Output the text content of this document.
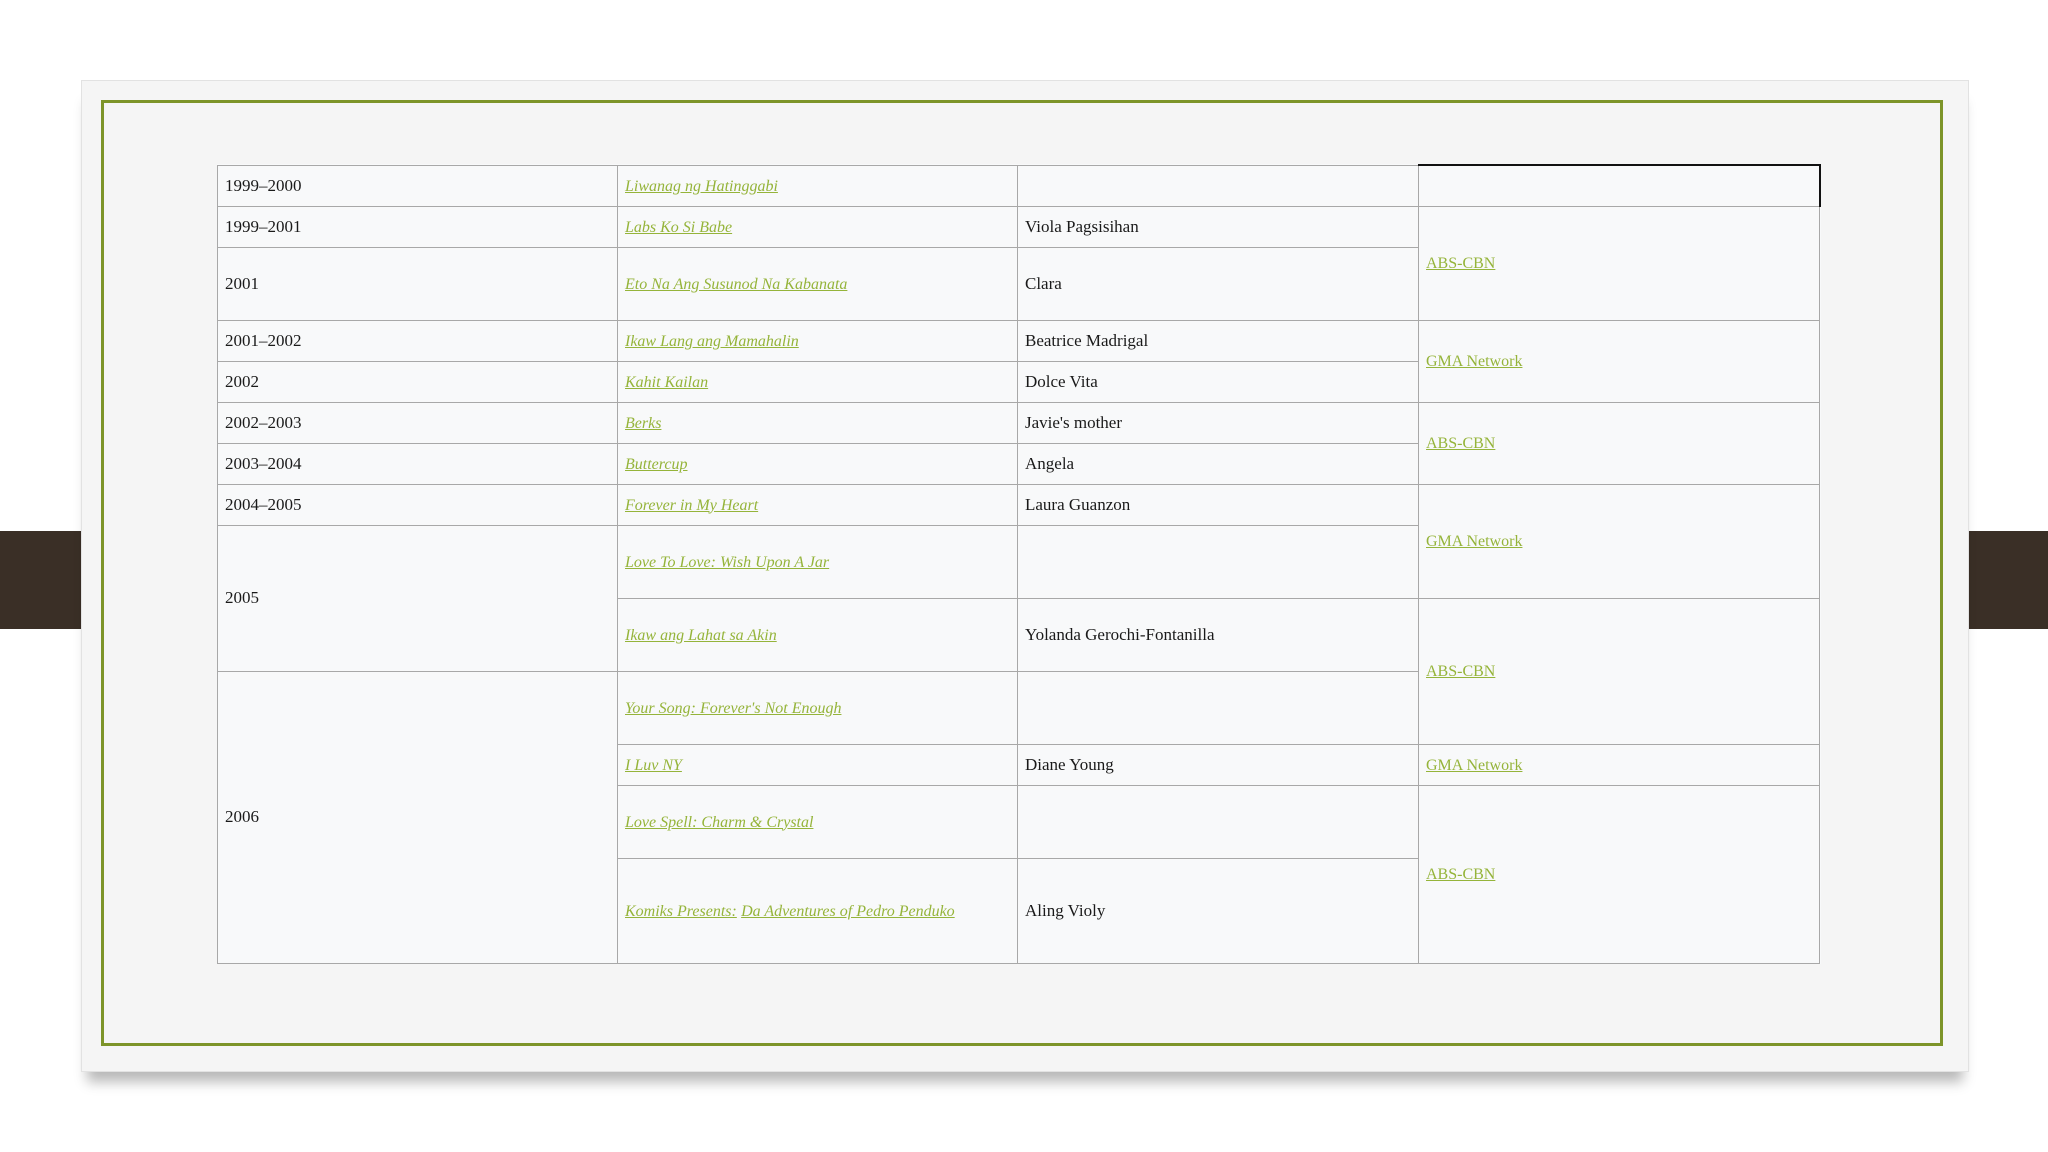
1999–2000	Liwanag ng Hatinggabi		
1999–2001	Labs Ko Si Babe	Viola Pagsisihan	ABS-CBN
2001	Eto Na Ang Susunod Na Kabanata	Clara	
2001–2002	Ikaw Lang ang Mamahalin	Beatrice Madrigal	GMA Network
2002	Kahit Kailan	Dolce Vita	
2002–2003	Berks	Javie's mother	ABS-CBN
2003–2004	Buttercup	Angela	
2004–2005	Forever in My Heart	Laura Guanzon	GMA Network
2005	Love To Love: Wish Upon A Jar		
	Ikaw ang Lahat sa Akin	Yolanda Gerochi-Fontanilla	ABS-CBN
2006	Your Song: Forever's Not Enough		
	I Luv NY	Diane Young	GMA Network
	Love Spell: Charm & Crystal		ABS-CBN
	Komiks Presents: Da Adventures of Pedro Penduko	Aling Violy	
